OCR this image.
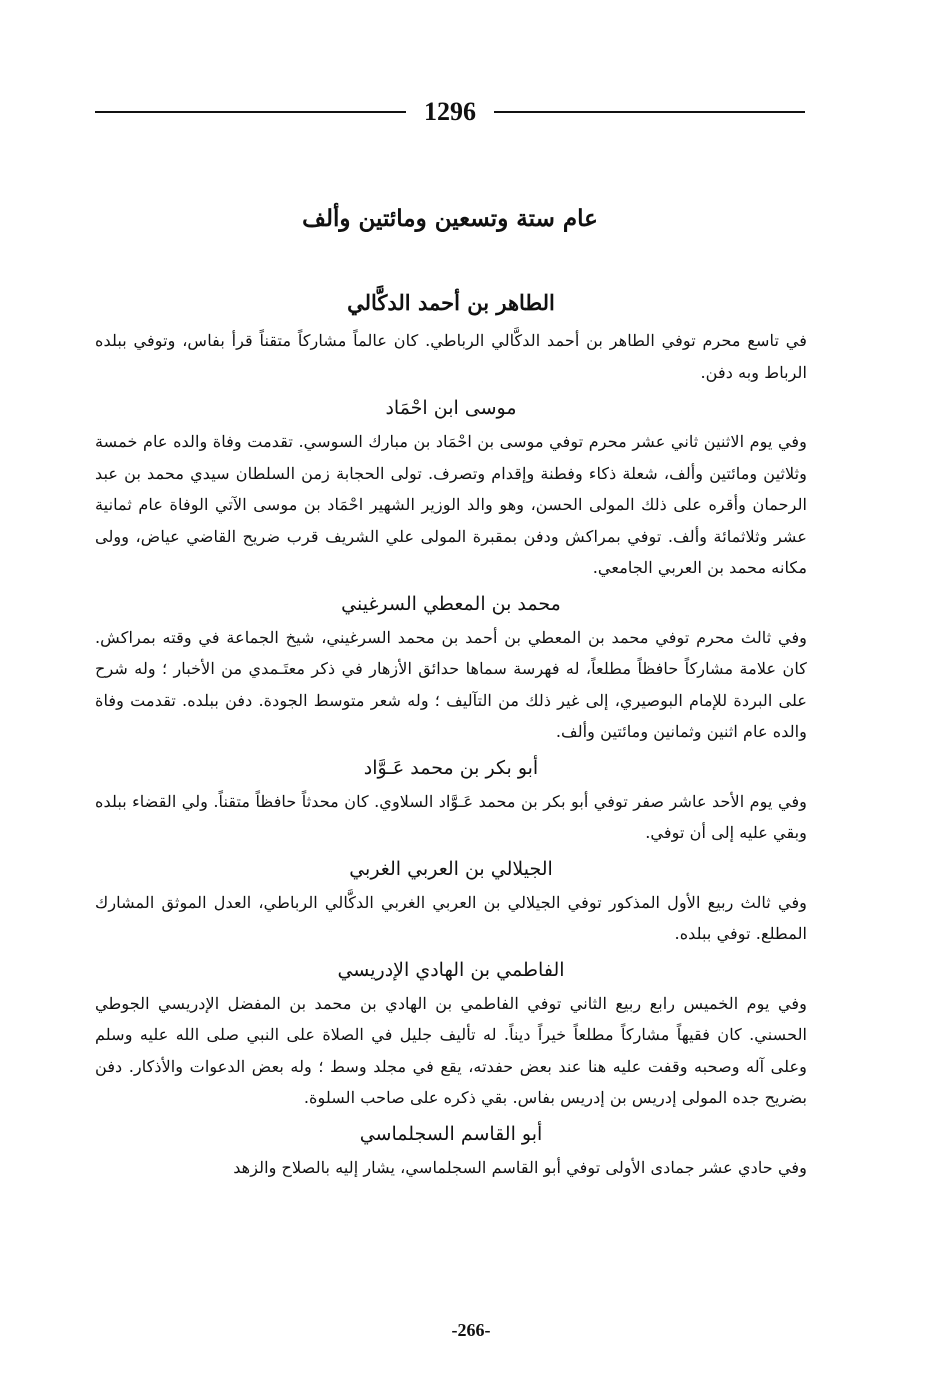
1296
عام ستة وتسعين ومائتين وألف
الطاهر بن أحمد الدكَّالي

في تاسع محرم توفي الطاهر بن أحمد الدكَّالي الرباطي. كان عالماً مشاركاً متقناً قرأ بفاس، وتوفي ببلده الرباط وبه دفن.

موسى ابن احْمَاد

وفي يوم الاثنين ثاني عشر محرم توفي موسى بن احْمَاد بن مبارك السوسي. تقدمت وفاة والده عام خمسة وثلاثين ومائتين وألف، شعلة ذكاء وفطنة وإقدام وتصرف. تولى الحجابة زمن السلطان سيدي محمد بن عبد الرحمان وأقره على ذلك المولى الحسن، وهو والد الوزير الشهير احْمَاد بن موسى الآتي الوفاة عام ثمانية عشر وثلاثمائة وألف. توفي بمراكش ودفن بمقبرة المولى علي الشريف قرب ضريح القاضي عياض، وولى مكانه محمد بن العربي الجامعي.

محمد بن المعطي السرغيني

وفي ثالث محرم توفي محمد بن المعطي بن أحمد بن محمد السرغيني، شيخ الجماعة في وقته بمراكش. كان علامة مشاركاً حافظاً مطلعاً، له فهرسة سماها حدائق الأزهار في ذكر معتَـمدي من الأخبار ؛ وله شرح على البردة للإمام البوصيري، إلى غير ذلك من التآليف ؛ وله شعر متوسط الجودة. دفن ببلده. تقدمت وفاة والده عام اثنين وثمانين ومائتين وألف.

أبو بكر بن محمد عَـوَّاد

وفي يوم الأحد عاشر صفر توفي أبو بكر بن محمد عَـوَّاد السلاوي. كان محدثاً حافظاً متقناً. ولي القضاء ببلده وبقي عليه إلى أن توفي.

الجيلالي بن العربي الغربي

وفي ثالث ربيع الأول المذكور توفي الجيلالي بن العربي الغربي الدكَّالي الرباطي، العدل الموثق المشارك المطلع. توفي ببلده.

الفاطمي بن الهادي الإدريسي

وفي يوم الخميس رابع ربيع الثاني توفي الفاطمي بن الهادي بن محمد بن المفضل الإدريسي الجوطي الحسني. كان فقيهاً مشاركاً مطلعاً خيراً ديناً. له تأليف جليل في الصلاة على النبي صلى الله عليه وسلم وعلى آله وصحبه وقفت عليه هنا عند بعض حفدته، يقع في مجلد وسط ؛ وله بعض الدعوات والأذكار. دفن بضريح جده المولى إدريس بن إدريس بفاس. بقي ذكره على صاحب السلوة.

أبو القاسم السجلماسي

وفي حادي عشر جمادى الأولى توفي أبو القاسم السجلماسي، يشار إليه بالصلاح والزهد

-266-
